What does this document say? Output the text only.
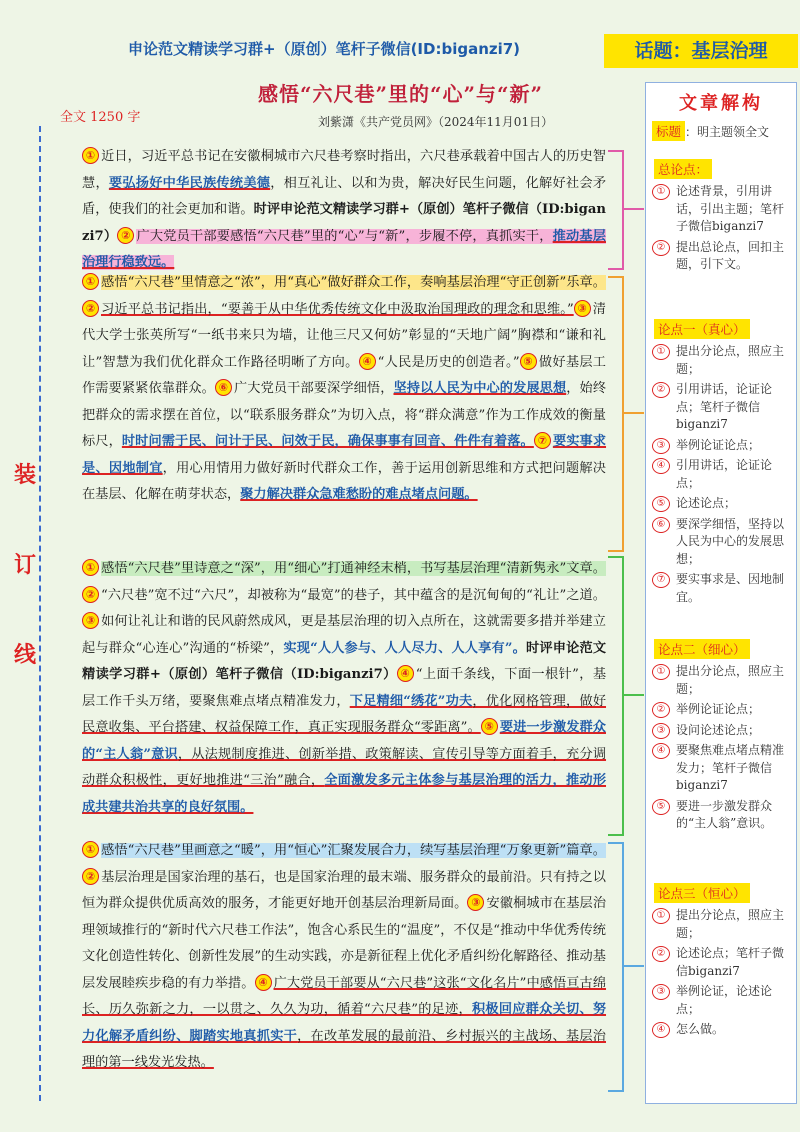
申论范文精读学习群+（原创）笔杆子微信(ID:biganzi7)	话题：基层治理
感悟“六尺巷”里的“心”与“新”
刘紫潇《共产党员网》（2024年11月01日）
全文 1250 字
装
订
线

① 近日，习近平总书记在安徽桐城市六尺巷考察时指出，六尺巷承载着中国古人的历史智慧，要弘扬好中华民族传统美德，相互礼让、以和为贵，解决好民生问题，化解好社会矛盾，使我们的社会更加和谐。时评申论范文精读学习群+（原创）笔杆子微信（ID:biganzi7） ② 广大党员干部要感悟“六尺巷”里的“心”与“新”，步履不停，真抓实干，推动基层治理行稳致远。

① 感悟“六尺巷”里情意之“浓”，用“真心”做好群众工作，奏响基层治理“守正创新”乐章。② 习近平总书记指出，“要善于从中华优秀传统文化中汲取治国理政的理念和思维。” ③ 清代大学士张英所写“一纸书来只为墙，让他三尺又何妨”彰显的“天地广阔”胸襟和“谦和礼让”智慧为我们优化群众工作路径明晰了方向。 ④ “人民是历史的创造者。” ⑤ 做好基层工作需要紧紧依靠群众。 ⑥ 广大党员干部要深学细悟，坚持以人民为中心的发展思想，始终把群众的需求摆在首位，以“联系服务群众”为切入点，将“群众满意”作为工作成效的衡量标尺，时时问需于民、问计于民、问效于民，确保事事有回音、件件有着落。 ⑦ 要实事求是、因地制宜，用心用情用力做好新时代群众工作，善于运用创新思维和方式把问题解决在基层、化解在萌芽状态，聚力解决群众急难愁盼的难点堵点问题。

① 感悟“六尺巷”里诗意之“深”，用“细心”打通神经末梢，书写基层治理“清新隽永”文章。② “六尺巷”宽不过“六尺”，却被称为“最宽”的巷子，其中蕴含的是沉甸甸的“礼让”之道。③ 如何让礼让和谐的民风蔚然成风，更是基层治理的切入点所在，这就需要多措并举建立起与群众“心连心”沟通的“桥梁”，实现“人人参与、人人尽力、人人享有”。时评申论范文精读学习群+（原创）笔杆子微信（ID:biganzi7） ④ “上面千条线，下面一根针”，基层工作千头万绪，要聚焦难点堵点精准发力，下足精细“绣花”功夫，优化网格管理，做好民意收集、平台搭建、权益保障工作，真正实现服务群众“零距离”。 ⑤ 要进一步激发群众的“主人翁”意识，从法规制度推进、创新举措、政策解读、宣传引导等方面着手，充分调动群众积极性，更好地推进“三治”融合，全面激发多元主体参与基层治理的活力，推动形成共建共治共享的良好氛围。

① 感悟“六尺巷”里画意之“暖”，用“恒心”汇聚发展合力，续写基层治理“万象更新”篇章。② 基层治理是国家治理的基石，也是国家治理的最末端、服务群众的最前沿。只有持之以恒为群众提供优质高效的服务，才能更好地开创基层治理新局面。 ③ 安徽桐城市在基层治理领域推行的“新时代六尺巷工作法”，饱含心系民生的“温度”，不仅是“推动中华优秀传统文化创造性转化、创新性发展”的生动实践，亦是新征程上优化矛盾纠纷化解路径、推动基层发展睦疾步稳的有力举措。 ④ 广大党员干部要从“六尺巷”这张“文化名片”中感悟亘古绵长、历久弥新之力，一以贯之、久久为功，循着“六尺巷”的足迹，积极回应群众关切、努力化解矛盾纠纷、脚踏实地真抓实干，在改革发展的最前沿、乡村振兴的主战场、基层治理的第一线发光发热。

文章解构
标题 ：明主题领全文
总论点：
① 论述背景，引用讲话，引出主题；笔杆子微信biganzi7
② 提出总论点，回扣主题，引下文。
论点一（真心）
① 提出分论点，照应主题；
② 引用讲话，论证论点；笔杆子微信biganzi7
③ 举例论证论点；
④ 引用讲话，论证论点；
⑤ 论述论点；
⑥ 要深学细悟，坚持以人民为中心的发展思想；
⑦ 要实事求是、因地制宜。
论点二（细心）
① 提出分论点，照应主题；
② 举例论证论点；
③ 设问论述论点；
④ 要聚焦难点堵点精准发力；笔杆子微信biganzi7
⑤ 要进一步激发群众的“主人翁”意识。
论点三（恒心）
① 提出分论点，照应主题；
② 论述论点；笔杆子微信biganzi7
③ 举例论证，论述论点；
④ 怎么做。
